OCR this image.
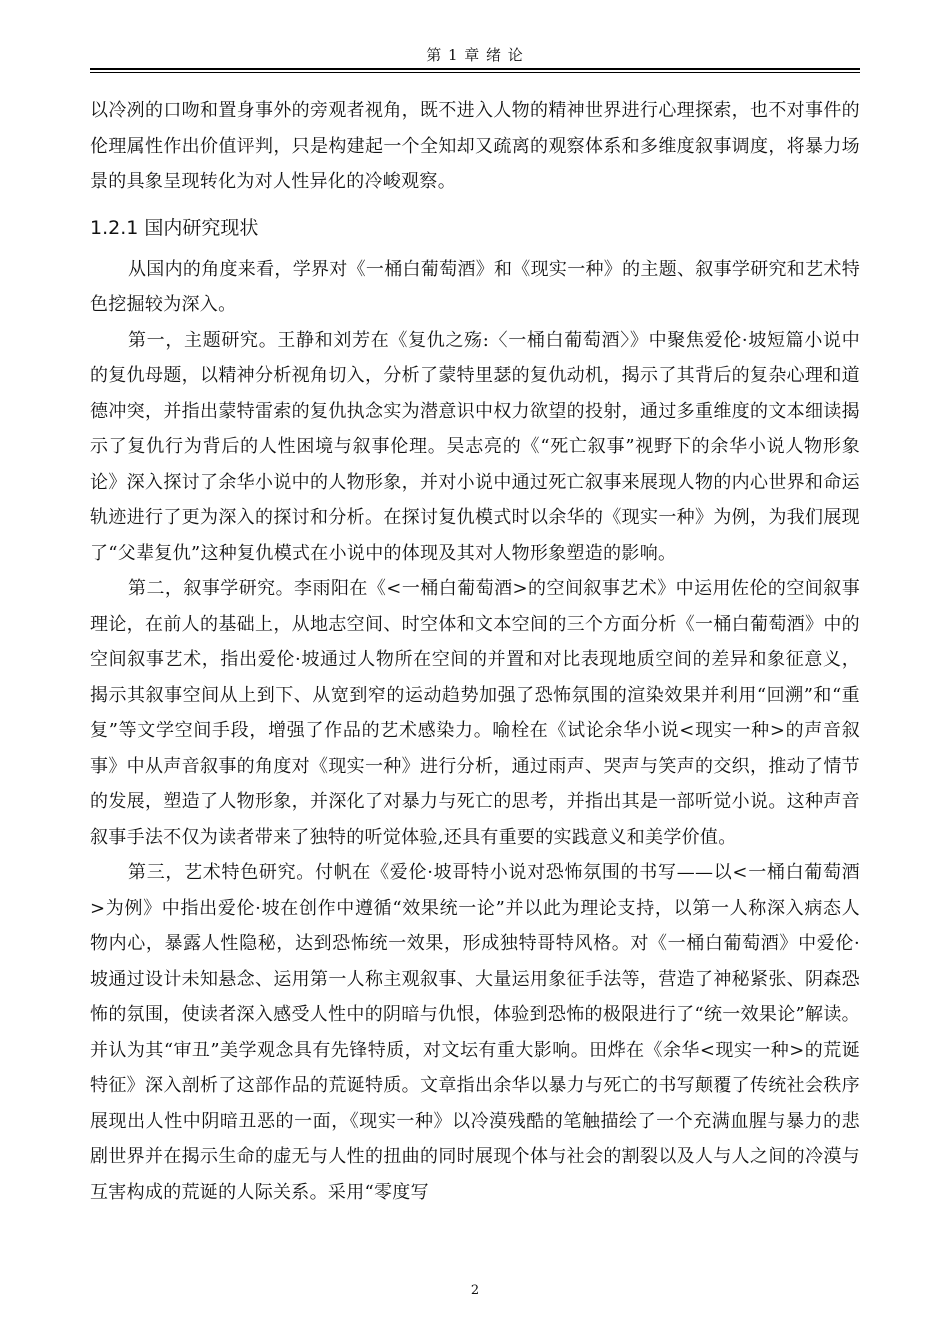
第 1 章 绪 论

以冷冽的口吻和置身事外的旁观者视角，既不进入人物的精神世界进行心理探索，也不对事件的伦理属性作出价值评判，只是构建起一个全知却又疏离的观察体系和多维度叙事调度，将暴力场景的具象呈现转化为对人性异化的冷峻观察。

1.2.1 国内研究现状

从国内的角度来看，学界对《一桶白葡萄酒》和《现实一种》的主题、叙事学研究和艺术特色挖掘较为深入。

第一，主题研究。王静和刘芳在《复仇之殇:〈一桶白葡萄酒〉》中聚焦爱伦·坡短篇小说中的复仇母题，以精神分析视角切入，分析了蒙特里瑟的复仇动机，揭示了其背后的复杂心理和道德冲突，并指出蒙特雷索的复仇执念实为潜意识中权力欲望的投射，通过多重维度的文本细读揭示了复仇行为背后的人性困境与叙事伦理。吴志亮的《“死亡叙事”视野下的余华小说人物形象论》深入探讨了余华小说中的人物形象，并对小说中通过死亡叙事来展现人物的内心世界和命运轨迹进行了更为深入的探讨和分析。在探讨复仇模式时以余华的《现实一种》为例，为我们展现了“父辈复仇”这种复仇模式在小说中的体现及其对人物形象塑造的影响。

第二，叙事学研究。李雨阳在《<一桶白葡萄酒>的空间叙事艺术》中运用佐伦的空间叙事理论，在前人的基础上，从地志空间、时空体和文本空间的三个方面分析《一桶白葡萄酒》中的空间叙事艺术，指出爱伦·坡通过人物所在空间的并置和对比表现地质空间的差异和象征意义，揭示其叙事空间从上到下、从宽到窄的运动趋势加强了恐怖氛围的渲染效果并利用“回溯”和“重复”等文学空间手段，增强了作品的艺术感染力。喻栓在《试论余华小说<现实一种>的声音叙事》中从声音叙事的角度对《现实一种》进行分析，通过雨声、哭声与笑声的交织，推动了情节的发展，塑造了人物形象，并深化了对暴力与死亡的思考，并指出其是一部听觉小说。这种声音叙事手法不仅为读者带来了独特的听觉体验,还具有重要的实践意义和美学价值。

第三，艺术特色研究。付帆在《爱伦·坡哥特小说对恐怖氛围的书写——以<一桶白葡萄酒>为例》中指出爱伦·坡在创作中遵循“效果统一论”并以此为理论支持，以第一人称深入病态人物内心，暴露人性隐秘，达到恐怖统一效果，形成独特哥特风格。对《一桶白葡萄酒》中爱伦·坡通过设计未知悬念、运用第一人称主观叙事、大量运用象征手法等，营造了神秘紧张、阴森恐怖的氛围，使读者深入感受人性中的阴暗与仇恨，体验到恐怖的极限进行了“统一效果论”解读。并认为其“审丑”美学观念具有先锋特质，对文坛有重大影响。田烨在《余华<现实一种>的荒诞特征》深入剖析了这部作品的荒诞特质。文章指出余华以暴力与死亡的书写颠覆了传统社会秩序展现出人性中阴暗丑恶的一面，《现实一种》以冷漠残酷的笔触描绘了一个充满血腥与暴力的悲剧世界并在揭示生命的虚无与人性的扭曲的同时展现个体与社会的割裂以及人与人之间的冷漠与互害构成的荒诞的人际关系。采用“零度写

2
